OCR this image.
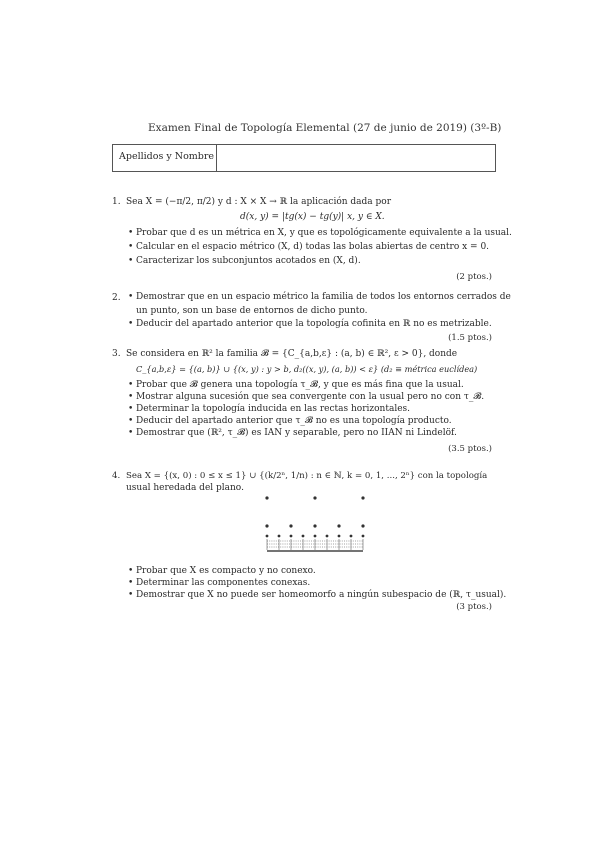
Examen Final de Topología Elemental (27 de junio de 2019) (3º-B)
Apellidos y Nombre
1. Sea X = (−π/2, π/2) y d : X × X → ℝ la aplicación dada por
d(x, y) = |tg(x) − tg(y)| x, y ∈ X.
• Probar que d es un métrica en X, y que es topológicamente equivalente a la usual.
• Calcular en el espacio métrico (X, d) todas las bolas abiertas de centro x = 0.
• Caracterizar los subconjuntos acotados en (X, d).
(2 ptos.)
2.
•	Demostrar que en un espacio métrico la familia de todos los entornos cerrados de
un punto, son un base de entornos de dicho punto.
• Deducir del apartado anterior que la topología cofinita en ℝ no es metrizable.
(1.5 ptos.)
3. Se considera en ℝ² la familia 𝓑 = {C_{a,b,ε} : (a, b) ∈ ℝ², ε > 0}, donde
C_{a,b,ε} = {(a, b)} ∪ {(x, y) : y > b, d₂((x, y), (a, b)) < ε} (d₂ ≡ métrica euclídea)
• Probar que 𝓑 genera una topología τ_𝓑, y que es más fina que la usual.
• Mostrar alguna sucesión que sea convergente con la usual pero no con τ_𝓑.
• Determinar la topología inducida en las rectas horizontales.
• Deducir del apartado anterior que τ_𝓑 no es una topología producto.
• Demostrar que (ℝ², τ_𝓑) es IAN y separable, pero no IIAN ni Lindelöf.
(3.5 ptos.)
4. Sea X = {(x, 0) : 0 ≤ x ≤ 1} ∪ {(k/2ⁿ, 1/n) : n ∈ ℕ, k = 0, 1, ..., 2ⁿ} con la topología
usual heredada del plano.
• Probar que X es compacto y no conexo.
• Determinar las componentes conexas.
• Demostrar que X no puede ser homeomorfo a ningún subespacio de (ℝ, τ_usual).
(3 ptos.)
